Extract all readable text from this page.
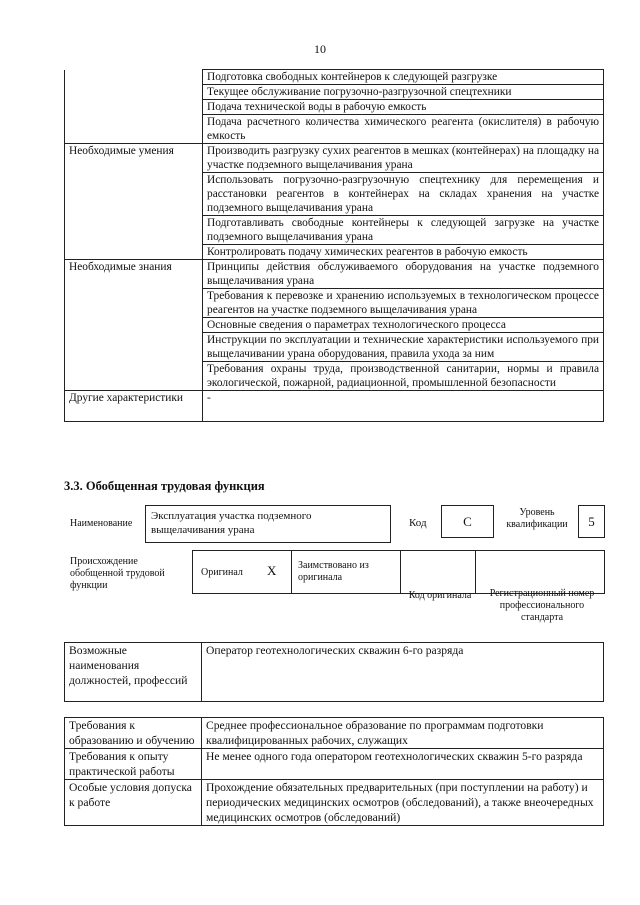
10
	Подготовка свободных контейнеров к следующей разгрузке
	Текущее обслуживание погрузочно-разгрузочной спецтехники
	Подача технической воды в рабочую емкость
	Подача расчетного количества химического реагента (окислителя) в рабочую емкость
Необходимые умения	Производить разгрузку сухих реагентов в мешках (контейнерах) на площадку на участке подземного выщелачивания урана
	Использовать погрузочно-разгрузочную спецтехнику для перемещения и расстановки реагентов в контейнерах на складах хранения на участке подземного выщелачивания урана
	Подготавливать свободные контейнеры к следующей загрузке на участке подземного выщелачивания урана
	Контролировать подачу химических реагентов в рабочую емкость
Необходимые знания	Принципы действия обслуживаемого оборудования на участке подземного выщелачивания урана
	Требования к перевозке и хранению используемых в технологическом процессе реагентов на участке подземного выщелачивания урана
	Основные сведения о параметрах технологического процесса
	Инструкции по эксплуатации и технические характеристики используемого при выщелачивании урана оборудования, правила ухода за ним
	Требования охраны труда, производственной санитарии, нормы и правила экологической, пожарной, радиационной, промышленной безопасности
Другие характеристики	-
3.3. Обобщенная трудовая функция
Наименование
Эксплуатация участка подземного выщелачивания урана
Код	C
Уровень квалификации	5
Происхождение обобщенной трудовой функции
Оригинал X Заимствовано из оригинала
Код оригинала	Регистрационный номер профессионального стандарта
Возможные наименования должностей, профессий	Оператор геотехнологических скважин 6-го разряда
Требования к образованию и обучению	Среднее профессиональное образование по программам подготовки квалифицированных рабочих, служащих
Требования к опыту практической работы	Не менее одного года оператором геотехнологических скважин 5-го разряда
Особые условия допуска к работе	Прохождение обязательных предварительных (при поступлении на работу) и периодических медицинских осмотров (обследований), а также внеочередных медицинских осмотров (обследований)
